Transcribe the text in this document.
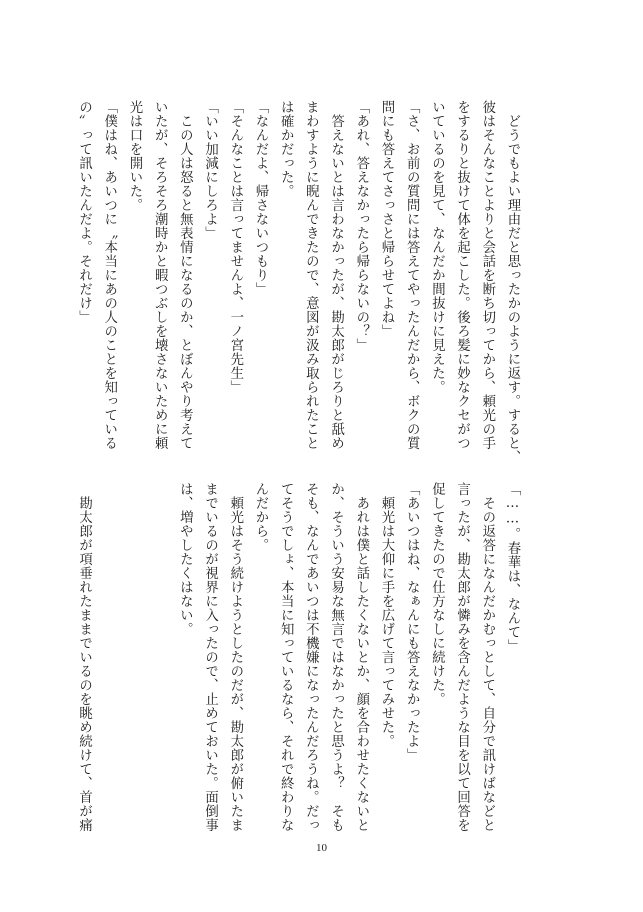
　どうでもよい理由だと思ったかのように返す。すると、
彼はそんなことよりと会話を断ち切ってから、頼光の手
をするりと抜けて体を起こした。後ろ髪に妙なクセがつ
いているのを見て、なんだか間抜けに見えた。
「さ、お前の質問には答えてやったんだから、ボクの質
問にも答えてさっさと帰らせてよね」
「あれ、答えなかったら帰らないの？」
　答えないとは言わなかったが、勘太郎がじろりと舐め
まわすように睨んできたので、意図が汲み取られたこと
は確かだった。
「なんだよ、帰さないつもり」
「そんなことは言ってませんよ、一ノ宮先生」
「いい加減にしろよ」
　この人は怒ると無表情になるのか、とぼんやり考えて
いたが、そろそろ潮時かと暇つぶしを壊さないために頼
光は口を開いた。
「僕はね、あいつに〝本当にあの人のことを知っている
の〟って訊いたんだよ。それだけ」
「……。春華は、なんて」
　その返答になんだかむっとして、自分で訊けばなどと
言ったが、勘太郎が憐みを含んだような目を以て回答を
促してきたので仕方なしに続けた。
「あいつはね、なぁんにも答えなかったよ」
　頼光は大仰に手を広げて言ってみせた。
　あれは僕と話したくないとか、顔を合わせたくないと
か、そういう安易な無言ではなかったと思うよ？　そも
そも、なんであいつは不機嫌になったんだろうね。だっ
てそうでしょ、本当に知っているなら、それで終わりな
んだから。
　頼光はそう続けようとしたのだが、勘太郎が俯いたま
までいるのが視界に入ったので、止めておいた。面倒事
は、増やしたくはない。

　勘太郎が項垂れたままでいるのを眺め続けて、首が痛
10
